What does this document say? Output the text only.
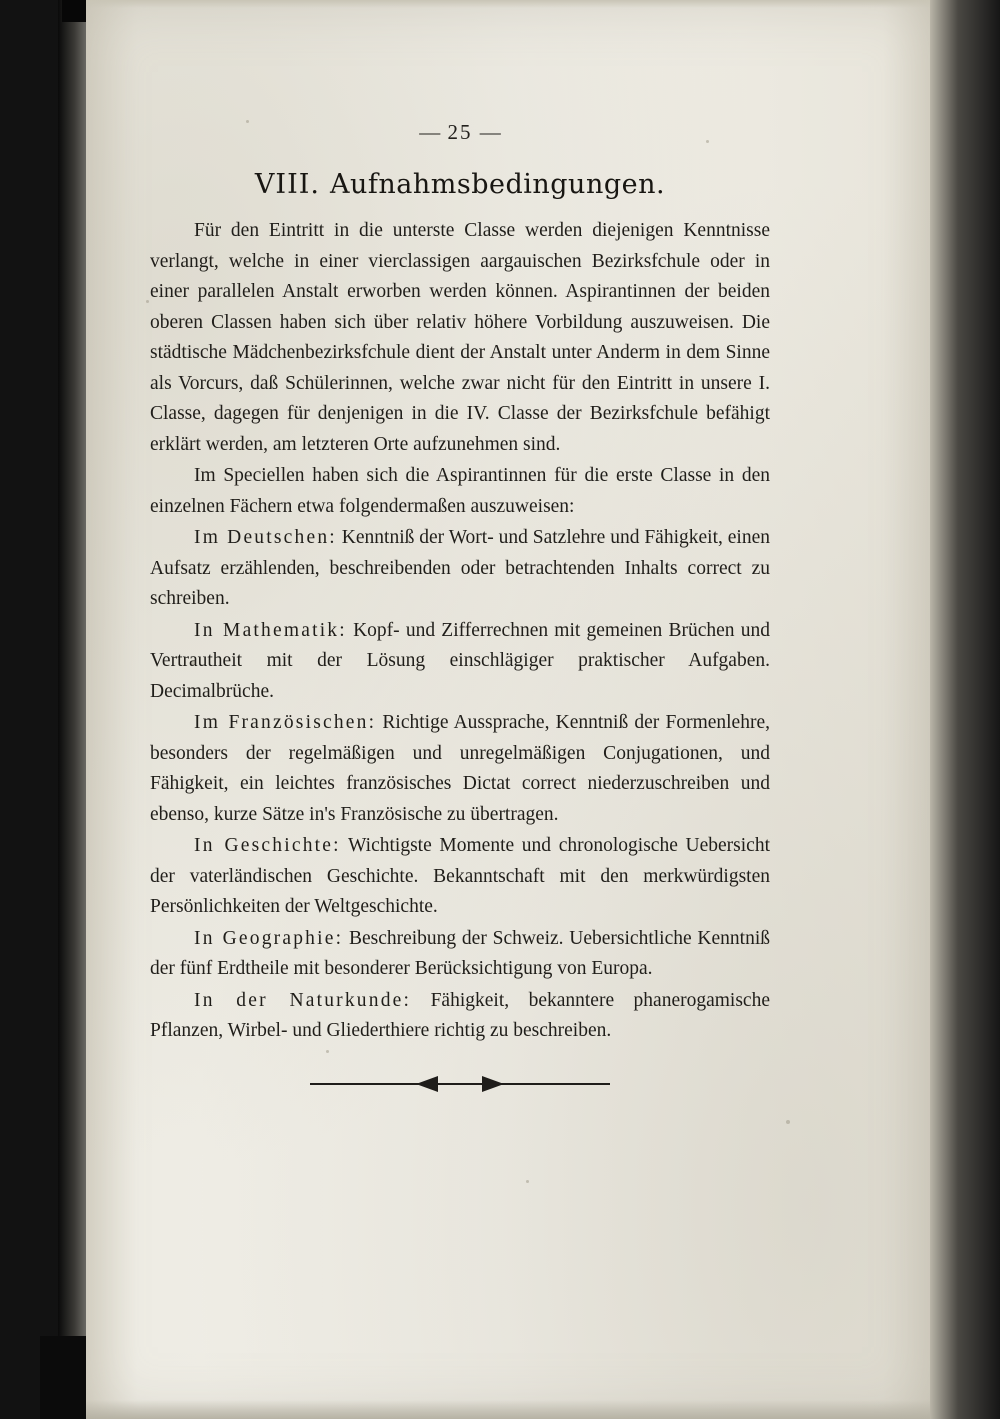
— 25 —
VIII. Aufnahmsbedingungen.

Für den Eintritt in die unterste Classe werden diejenigen Kenntnisse verlangt, welche in einer vierclassigen aargauischen Bezirksfchule oder in einer parallelen Anstalt erworben werden können. Aspirantinnen der beiden oberen Classen haben sich über relativ höhere Vorbildung auszuweisen. Die städtische Mädchenbezirksfchule dient der Anstalt unter Anderm in dem Sinne als Vorcurs, daß Schülerinnen, welche zwar nicht für den Eintritt in unsere I. Classe, dagegen für denjenigen in die IV. Classe der Bezirksfchule befähigt erklärt werden, am letzteren Orte aufzunehmen sind.

Im Speciellen haben sich die Aspirantinnen für die erste Classe in den einzelnen Fächern etwa folgendermaßen auszuweisen:

Im Deutschen: Kenntniß der Wort- und Satzlehre und Fähigkeit, einen Aufsatz erzählenden, beschreibenden oder betrachtenden Inhalts correct zu schreiben.

In Mathematik: Kopf- und Zifferrechnen mit gemeinen Brüchen und Vertrautheit mit der Lösung einschlägiger praktischer Aufgaben. Decimalbrüche.

Im Französischen: Richtige Aussprache, Kenntniß der Formenlehre, besonders der regelmäßigen und unregelmäßigen Conjugationen, und Fähigkeit, ein leichtes französisches Dictat correct niederzuschreiben und ebenso, kurze Sätze in's Französische zu übertragen.

In Geschichte: Wichtigste Momente und chronologische Uebersicht der vaterländischen Geschichte. Bekanntschaft mit den merkwürdigsten Persönlichkeiten der Weltgeschichte.

In Geographie: Beschreibung der Schweiz. Uebersichtliche Kenntniß der fünf Erdtheile mit besonderer Berücksichtigung von Europa.

In der Naturkunde: Fähigkeit, bekanntere phanerogamische Pflanzen, Wirbel- und Gliederthiere richtig zu beschreiben.
